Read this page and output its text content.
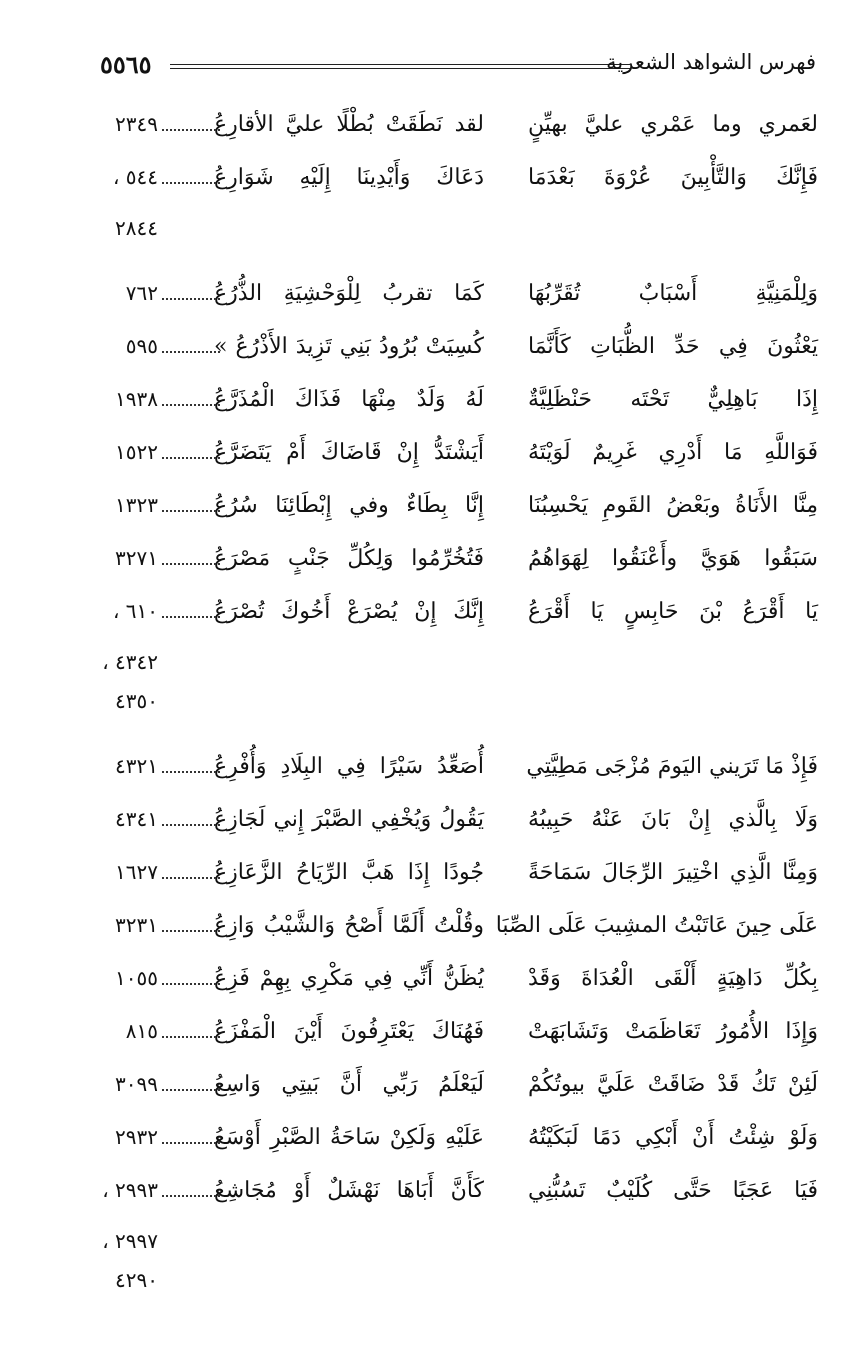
٥٥٦٥	فهرس الشواهد الشعرية
لعَمري وما عَمْري عليَّ بهيِّنٍ
لقد نَطَقَتْ بُطْلًا عليَّ الأقارِعُ
٢٣٤٩
فَإِنَّكَ وَالتَّأْبِينَ عُرْوَةَ بَعْدَمَا
دَعَاكَ وَأَيْدِينَا إِلَيْهِ شَوَارِعُ
٥٤٤ ،
٢٨٤٤
وَلِلْمَنِيَّةِ أَسْبَابٌ تُقَرِّبُهَا
كَمَا تقربُ لِلْوَحْشِيَةِ الذُّرُعُ
٧٦٢
يَعْثُونَ فِي حَدِّ الظُّبَاتِ كَأَنَّمَا
كُسِيَتْ بُرُودُ بَنِي تَزِيدَ الأَذْرُعُ »
٥٩٥
إِذَا بَاهِلِيٌّ تَحْتَه حَنْظَلِيَّةٌ
لَهُ وَلَدٌ مِنْهَا فَذَاكَ الْمُذَرَّعُ
١٩٣٨
فَوَاللَّهِ مَا أَدْرِي غَرِيمٌ لَوَيْتَهُ
أَيَشْتَدُّ إِنْ قَاضَاكَ أَمْ يَتَضَرَّعُ
١٥٢٢
مِنَّا الأَنَاةُ وبَعْضُ القَومِ يَحْسِبُنَا
إِنَّا بِطَاءٌ وفي إِبْطَائِنَا سُرُعُ
١٣٢٣
سَبَقُوا هَوَيَّ وأَعْنَقُوا لِهَوَاهُمُ
فَتُخُرِّمُوا وَلِكُلِّ جَنْبٍ مَصْرَعُ
٣٢٧١
يَا أَقْرَعُ بْنَ حَابِسٍ يَا أَقْرَعُ
إِنَّكَ إِنْ يُصْرَعْ أَخُوكَ تُصْرَعُ
٦١٠ ،
٤٣٤٢ ،
٤٣٥٠
فَإِذْ مَا تَرَيني اليَومَ مُزْجَى مَطِيَّتِي
أُصَعِّدُ سَيْرًا فِي البِلَادِ وَأُفْرِعُ
٤٣٢١
وَلَا بِالَّذي إِنْ بَانَ عَنْهُ حَبِيبُهُ
يَقُولُ وَيُخْفِي الصَّبْرَ إِني لَجَازِعُ
٤٣٤١
وَمِنَّا الَّذِي اخْتِيرَ الرِّجَالَ سَمَاحَةً
جُودًا إِذَا هَبَّ الرِّيَاحُ الزَّعَازِعُ
١٦٢٧
عَلَى حِينَ عَاتَبْتُ المشِيبَ عَلَى الصِّبَا
وقُلْتُ أَلَمَّا أَصْحُ وَالشَّيْبُ وَازِعُ
٣٢٣١
بِكُلِّ دَاهِيَةٍ أَلْقَى الْعُدَاةَ وَقَدْ
يُظَنُّ أَنِّي فِي مَكْرِي بِهِمْ فَزِعُ
١٠٥٥
وَإِذَا الأُمُورُ تَعَاظَمَتْ وَتَشَابَهَتْ
فَهُنَاكَ يَعْتَرِفُونَ أَيْنَ الْمَفْزَعُ
٨١٥
لَئِنْ تَكُ قَدْ ضَاقَتْ عَلَيَّ بيوتُكُمْ
لَيَعْلَمُ رَبِّي أَنَّ بَيتِي وَاسِعُ
٣٠٩٩
وَلَوْ شِئْتُ أَنْ أَبْكِي دَمًا لَبَكَيْتُهُ
عَلَيْهِ وَلَكِنْ سَاحَةُ الصَّبْرِ أَوْسَعُ
٢٩٣٢
فَيَا عَجَبًا حَتَّى كُلَيْبٌ تَسُبُّنِي
كَأَنَّ أَبَاهَا نَهْشَلٌ أَوْ مُجَاشِعُ
٢٩٩٣ ،
٢٩٩٧ ،
٤٢٩٠
